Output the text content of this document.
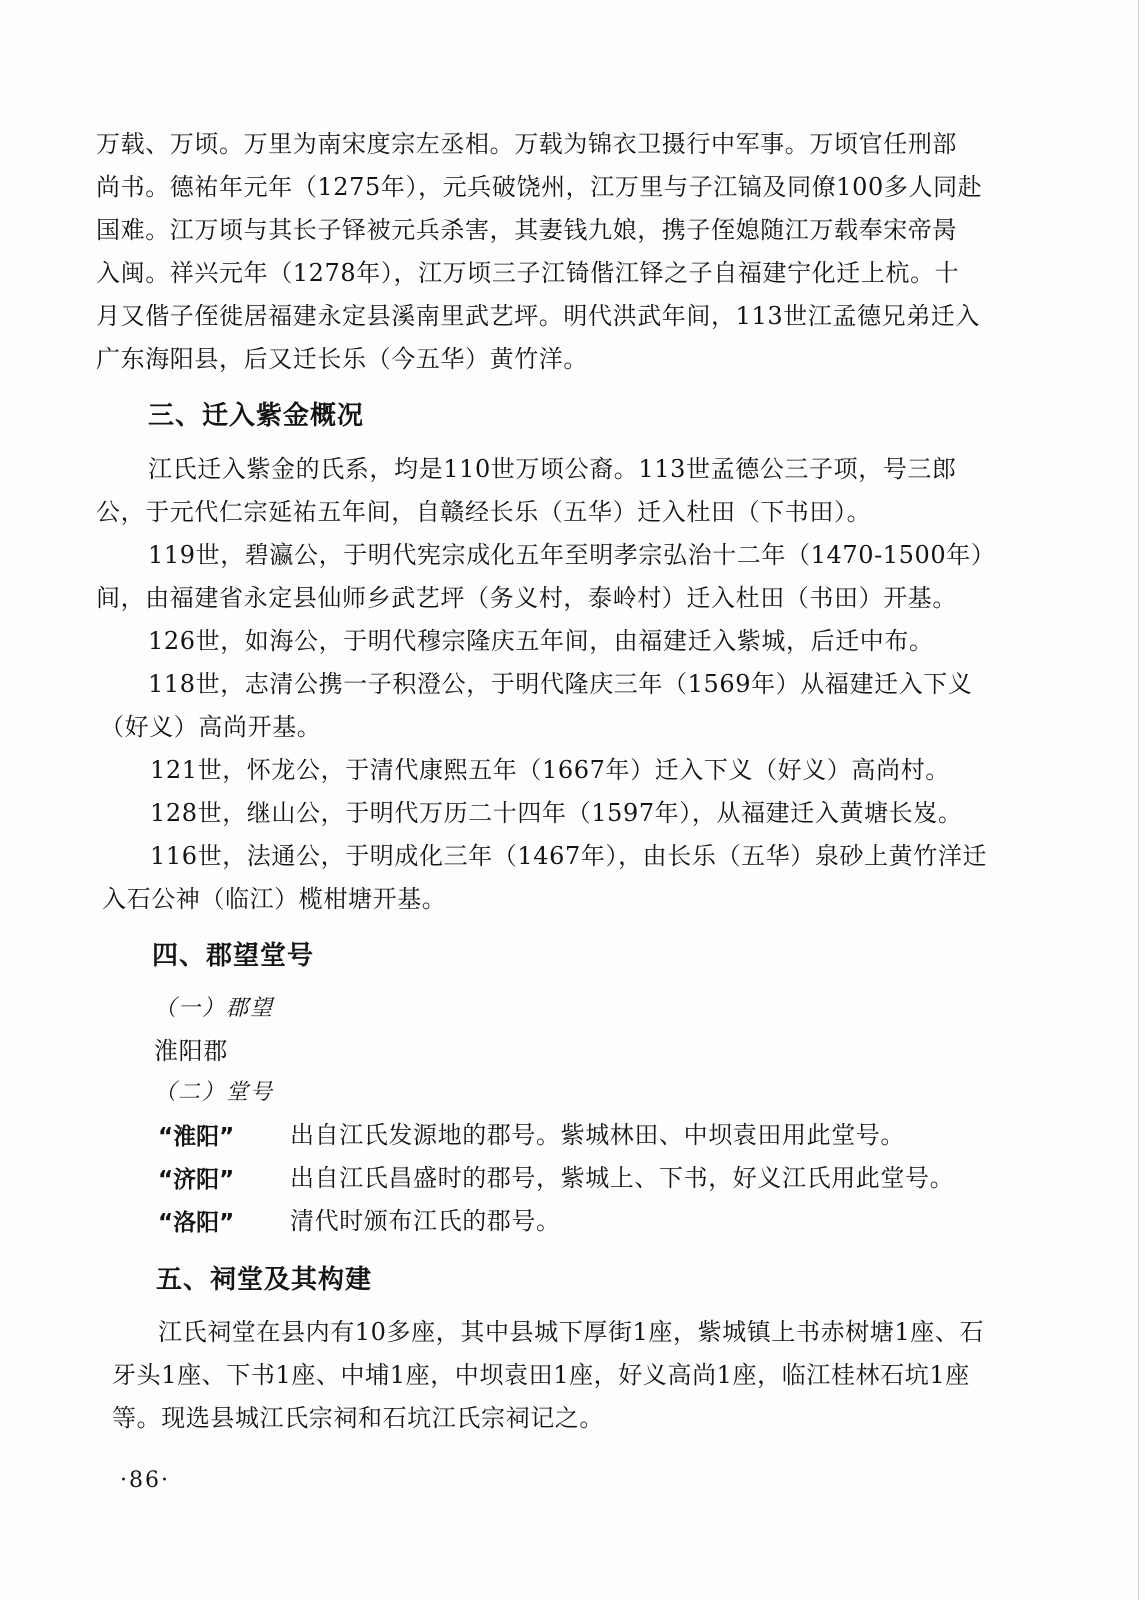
万载、万顷。万里为南宋度宗左丞相。万载为锦衣卫摄行中军事。万顷官任刑部
尚书。德祐年元年（1275年），元兵破饶州，江万里与子江镐及同僚100多人同赴
国难。江万顷与其长子铎被元兵杀害，其妻钱九娘，携子侄媳随江万载奉宋帝昺
入闽。祥兴元年（1278年），江万顷三子江锜偕江铎之子自福建宁化迁上杭。十
月又偕子侄徙居福建永定县溪南里武艺坪。明代洪武年间，113世江孟德兄弟迁入
广东海阳县，后又迁长乐（今五华）黄竹洋。
三、迁入紫金概况
江氏迁入紫金的氏系，均是110世万顷公裔。113世孟德公三子项，号三郎
公，于元代仁宗延祐五年间，自赣经长乐（五华）迁入杜田（下书田）。
119世，碧瀛公，于明代宪宗成化五年至明孝宗弘治十二年（1470-1500年）
间，由福建省永定县仙师乡武艺坪（务义村，泰岭村）迁入杜田（书田）开基。
126世，如海公，于明代穆宗隆庆五年间，由福建迁入紫城，后迁中布。
118世，志清公携一子积澄公，于明代隆庆三年（1569年）从福建迁入下义
（好义）高尚开基。
121世，怀龙公，于清代康熙五年（1667年）迁入下义（好义）高尚村。
128世，继山公，于明代万历二十四年（1597年），从福建迁入黄塘长岌。
116世，法通公，于明成化三年（1467年），由长乐（五华）泉砂上黄竹洋迁
入石公神（临江）榄柑塘开基。
四、郡望堂号
（一）郡望
淮阳郡
（二）堂号
“淮阳” 出自江氏发源地的郡号。紫城林田、中坝袁田用此堂号。
“济阳” 出自江氏昌盛时的郡号，紫城上、下书，好义江氏用此堂号。
“洛阳” 清代时颁布江氏的郡号。
五、祠堂及其构建
江氏祠堂在县内有10多座，其中县城下厚街1座，紫城镇上书赤树塘1座、石
牙头1座、下书1座、中埔1座，中坝袁田1座，好义高尚1座，临江桂林石坑1座
等。现选县城江氏宗祠和石坑江氏宗祠记之。
·86·
